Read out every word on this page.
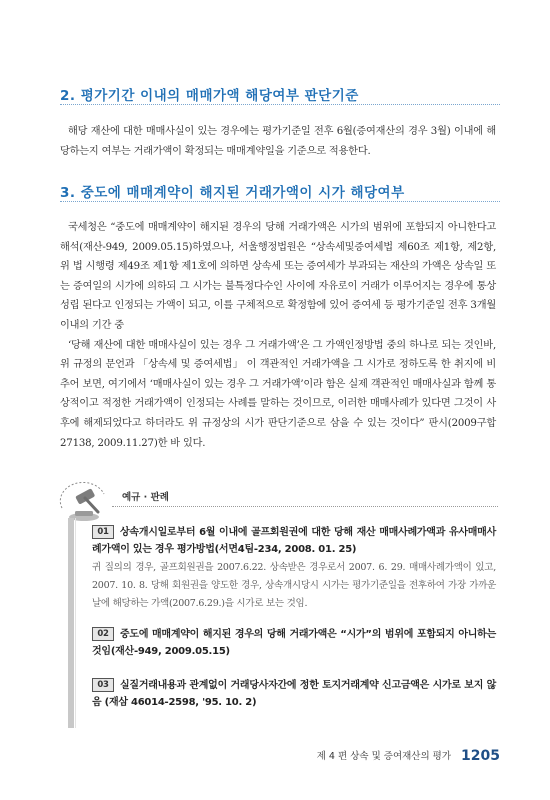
2. 평가기간 이내의 매매가액 해당여부 판단기준

해당 재산에 대한 매매사실이 있는 경우에는 평가기준일 전후 6월(증여재산의 경우 3월) 이내에 해당하는지 여부는 거래가액이 확정되는 매매계약일을 기준으로 적용한다.

3. 중도에 매매계약이 해지된 거래가액이 시가 해당여부

국세청은 “중도에 매매계약이 해지된 경우의 당해 거래가액은 시가의 범위에 포함되지 아니한다고 해석(재산-949, 2009.05.15)하였으나, 서울행정법원은 “상속세및증여세법 제60조 제1항, 제2항, 위 법 시행령 제49조 제1항 제1호에 의하면 상속세 또는 증여세가 부과되는 재산의 가액은 상속일 또는 증여일의 시가에 의하되 그 시가는 불특정다수인 사이에 자유로이 거래가 이루어지는 경우에 통상 성립 된다고 인정되는 가액이 되고, 이를 구체적으로 확정함에 있어 증여세 등 평가기준일 전후 3개월 이내의 기간 중

‘당해 재산에 대한 매매사실이 있는 경우 그 거래가액’은 그 가액인정방법 중의 하나로 되는 것인바, 위 규정의 문언과 「상속세 및 증여세법」 이 객관적인 거래가액을 그 시가로 정하도록 한 취지에 비추어 보면, 여기에서 ‘매매사실이 있는 경우 그 거래가액’이라 함은 실제 객관적인 매매사실과 함께 통상적이고 적정한 거래가액이 인정되는 사례를 말하는 것이므로, 이러한 매매사례가 있다면 그것이 사후에 해제되었다고 하더라도 위 규정상의 시가 판단기준으로 삼을 수 있는 것이다” 판시(2009구합27138, 2009.11.27)한 바 있다.

예규 · 판례
01 상속개시일로부터 6월 이내에 골프회원권에 대한 당해 재산 매매사례가액과 유사매매사례가액이 있는 경우 평가방법(서면4팀-234, 2008. 01. 25)
귀 질의의 경우, 골프회원권을 2007.6.22. 상속받은 경우로서 2007. 6. 29. 매매사례가액이 있고, 2007. 10. 8. 당해 회원권을 양도한 경우, 상속개시당시 시가는 평가기준일을 전후하여 가장 가까운 날에 해당하는 가액(2007.6.29.)을 시가로 보는 것임.
02 중도에 매매계약이 해지된 경우의 당해 거래가액은 “시가”의 범위에 포함되지 아니하는 것임(재산-949, 2009.05.15)
03 실질거래내용과 관계없이 거래당사자간에 정한 토지거래계약 신고금액은 시가로 보지 않음 (재삼 46014-2598, '95. 10. 2)
제 4 편 상속 및 증여재산의 평가 1205
